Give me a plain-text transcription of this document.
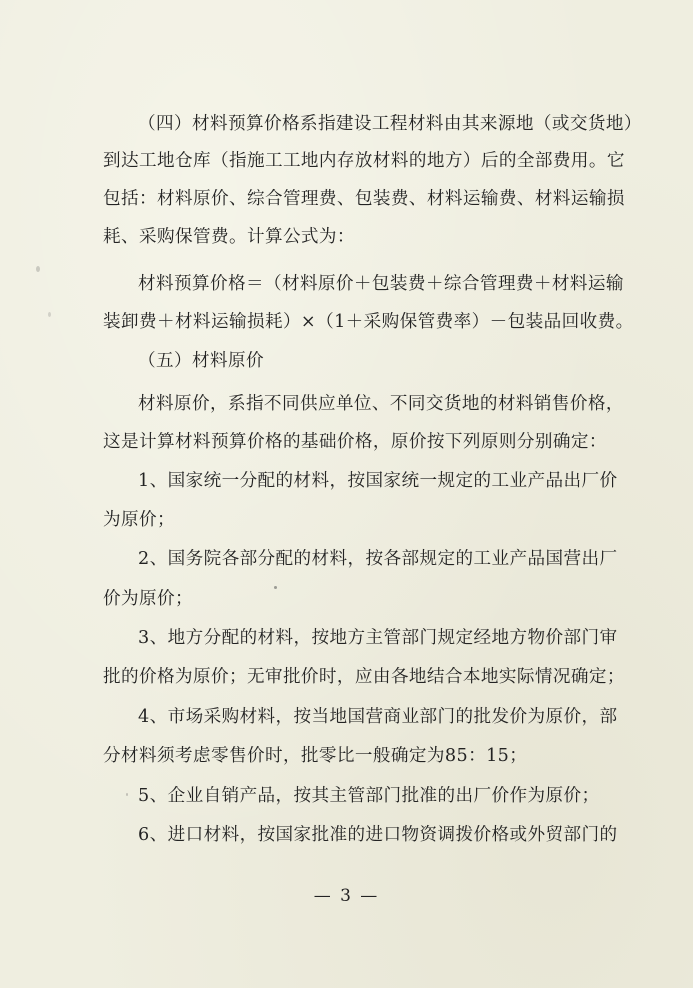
（四）材料预算价格系指建设工程材料由其来源地（或交货地）

到达工地仓库（指施工工地内存放材料的地方）后的全部费用。它

包括：材料原价、综合管理费、包装费、材料运输费、材料运输损

耗、采购保管费。计算公式为：

材料预算价格＝（材料原价＋包装费＋综合管理费＋材料运输

装卸费＋材料运输损耗）×（1＋采购保管费率）－包装品回收费。

（五）材料原价

材料原价，系指不同供应单位、不同交货地的材料销售价格，

这是计算材料预算价格的基础价格，原价按下列原则分别确定：

1、国家统一分配的材料，按国家统一规定的工业产品出厂价

为原价；

2、国务院各部分配的材料，按各部规定的工业产品国营出厂

价为原价；

3、地方分配的材料，按地方主管部门规定经地方物价部门审

批的价格为原价；无审批价时，应由各地结合本地实际情况确定；

4、市场采购材料，按当地国营商业部门的批发价为原价，部

分材料须考虑零售价时，批零比一般确定为85：15；

5、企业自销产品，按其主管部门批准的出厂价作为原价；

6、进口材料，按国家批准的进口物资调拨价格或外贸部门的

— 3 —
